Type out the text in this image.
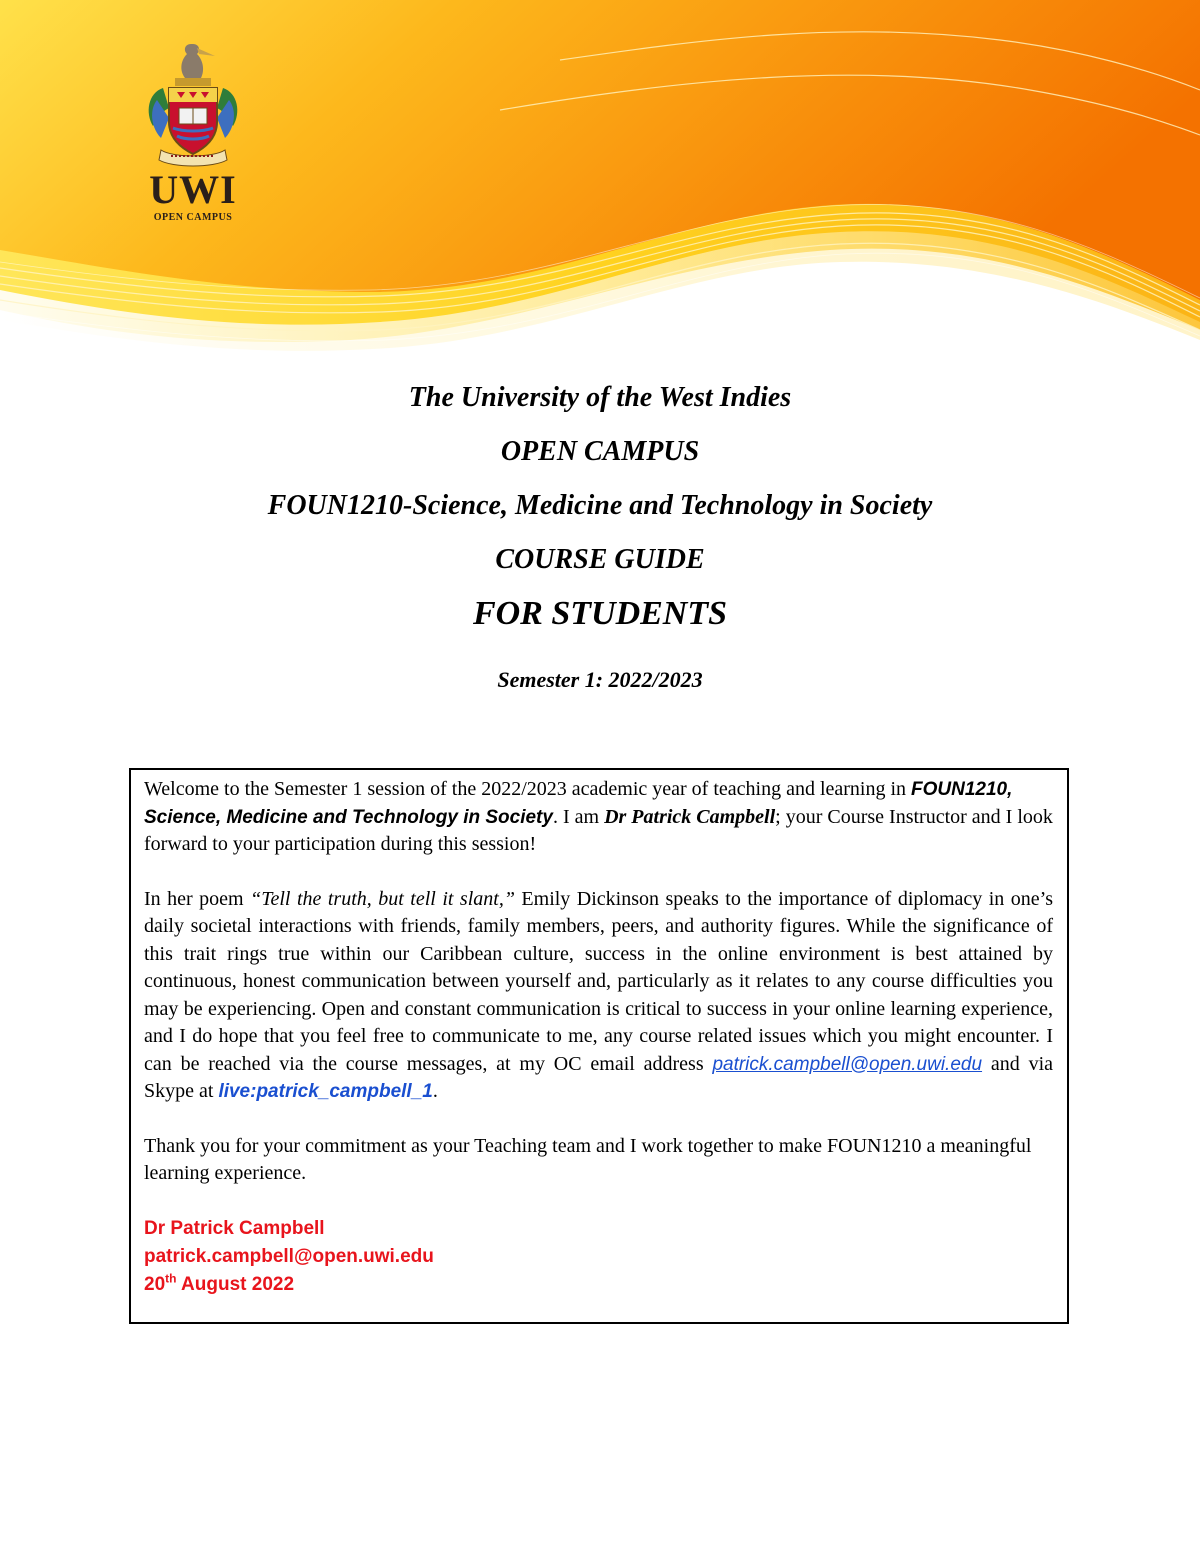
UWI
OPEN CAMPUS
The University of the West Indies
OPEN CAMPUS
FOUN1210-Science, Medicine and Technology in Society
COURSE GUIDE
FOR STUDENTS
Semester 1: 2022/2023

Welcome to the Semester 1 session of the 2022/2023 academic year of teaching and learning in FOUN1210, Science, Medicine and Technology in Society. I am Dr Patrick Campbell; your Course Instructor and I look forward to your participation during this session!

In her poem “Tell the truth, but tell it slant,” Emily Dickinson speaks to the importance of diplomacy in one’s daily societal interactions with friends, family members, peers, and authority figures. While the significance of this trait rings true within our Caribbean culture, success in the online environment is best attained by continuous, honest communication between yourself and, particularly as it relates to any course difficulties you may be experiencing. Open and constant communication is critical to success in your online learning experience, and I do hope that you feel free to communicate to me, any course related issues which you might encounter. I can be reached via the course messages, at my OC email address patrick.campbell@open.uwi.edu and via Skype at live:patrick_campbell_1.

Thank you for your commitment as your Teaching team and I work together to make FOUN1210 a meaningful learning experience.

Dr Patrick Campbell
patrick.campbell@open.uwi.edu
20th August 2022
